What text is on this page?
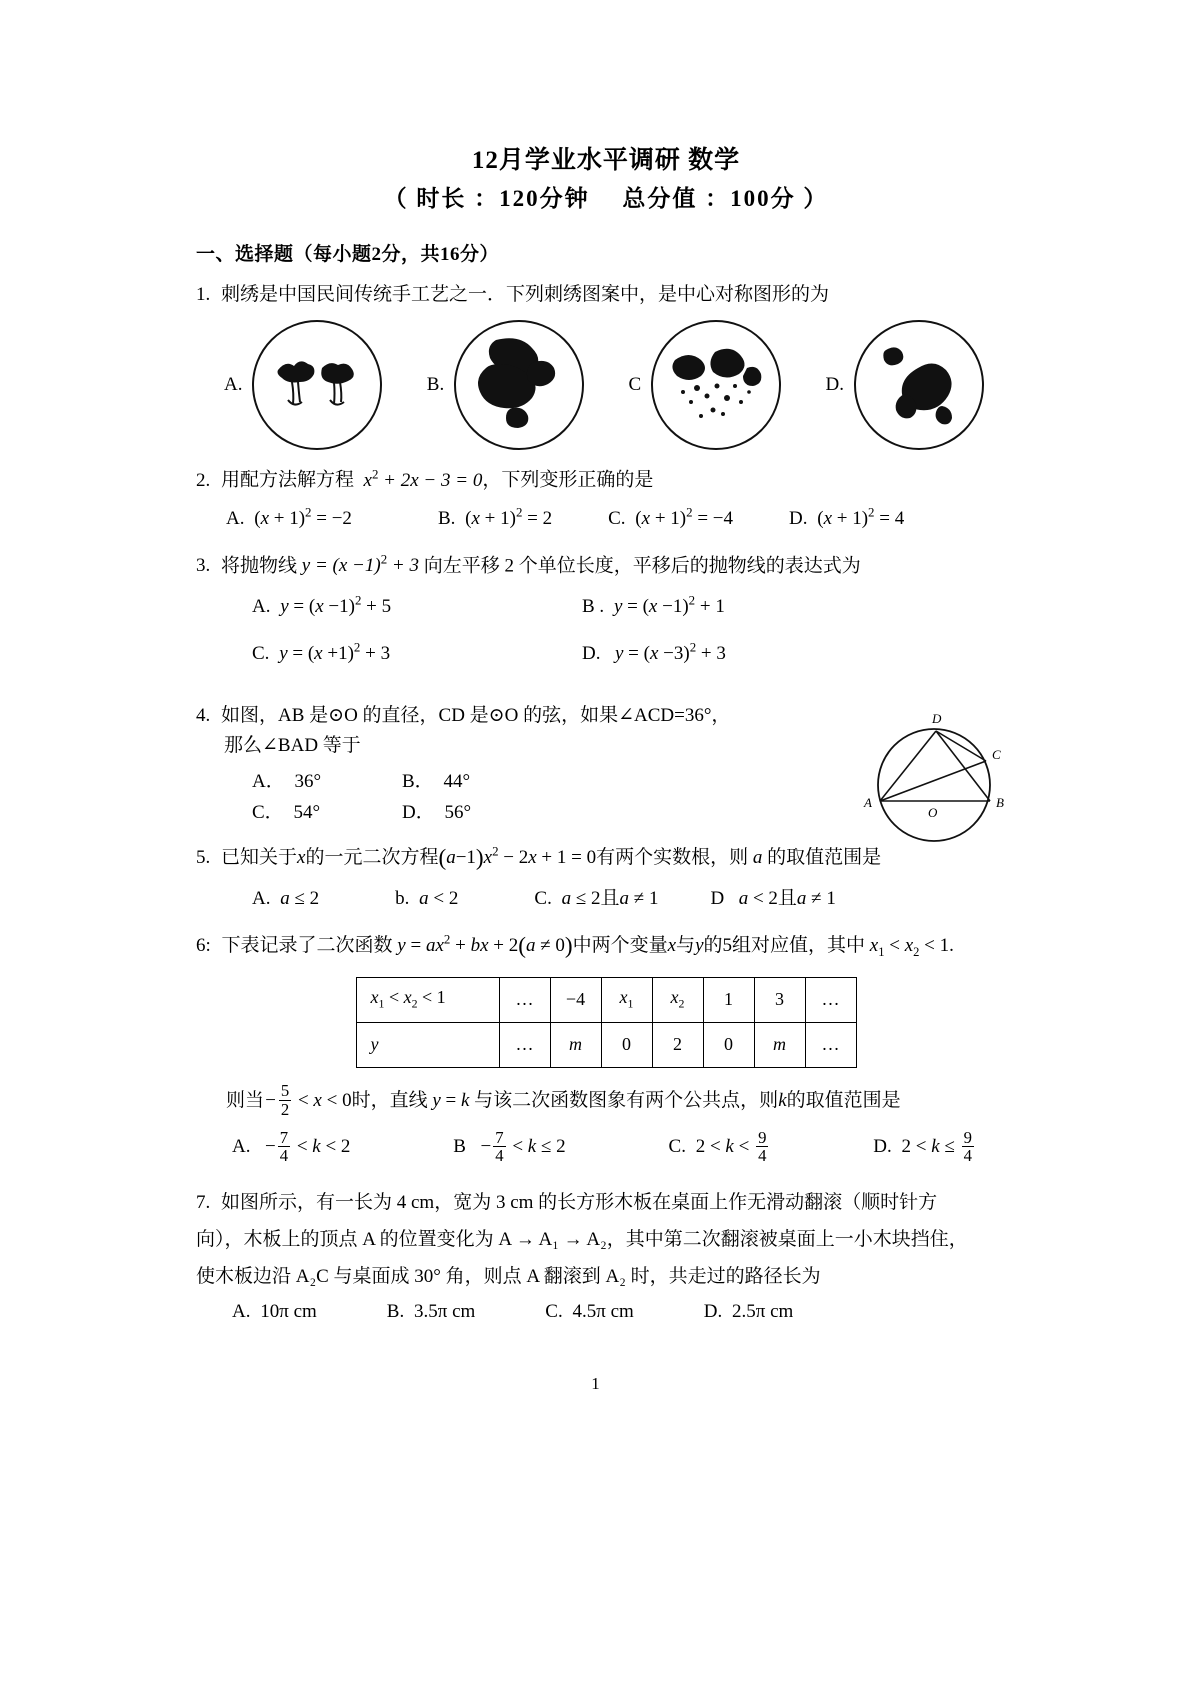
12月学业水平调研 数学
（ 时长 ：120分钟　 总分值 ：100分 ）
一、选择题（每小题2分，共16分）
1. 刺绣是中国民间传统手工艺之一．下列刺绣图案中，是中心对称图形的为
A.	B.	C	D.
2. 用配方法解方程 $x^2 + 2x - 3 = 0$，下列变形正确的是
A. $(x + 1)^2 = -2$	B. $(x + 1)^2 = 2$	C. $(x + 1)^2 = -4$	D. $(x + 1)^2 = 4$
3. 将抛物线 $y = (x -1)^2 + 3$ 向左平移 2 个单位长度，平移后的抛物线的表达式为
A. $y = (x -1)^2 + 5$	B . $y = (x -1)^2 + 1$
C. $y = (x +1)^2 + 3$	D. $y = (x -3)^2 + 3$
4. 如图，AB 是⊙O 的直径，CD 是⊙O 的弦，如果∠ACD=36°，
那么∠BAD 等于
D
C
A	B
O
A． 36°	B． 44°
C． 54°	D． 56°
5. 已知关于x的一元二次方程$(a-1)x^2 - 2x + 1 = 0$有两个实数根，则 a 的取值范围是
A. a ≤ 2	b. a < 2	C. a ≤ 2且a ≠ 1	D a < 2且a ≠ 1
6: 下表记录了二次函数 $y = ax^2$ + bx + 2(a ≠ 0)中两个变量x与y的5组对应值，其中 $x_1 < x_2 < 1$.
$x_1 < x_2 < 1$	…	−4	$x_1$	$x_2$	1	3	…
y	…	m	0	2	0	m	…
则当− $\frac{5}{2} < x < 0$时，直线 y = k 与该二次函数图象有两个公共点，则k的取值范围是
A.  − $\frac{7}{4} < k < 2$	$B - \frac{7}{4} < k \le 2$	C. $2 < k < \frac{9}{4}$	D. $2 < k \le \frac{9}{4}$

7. 如图所示，有一长为 4 cm，宽为 3 cm 的长方形木板在桌面上作无滑动翻滚（顺时针方

向），木板上的顶点 A 的位置变化为 A → A₁ → A₂，其中第二次翻滚被桌面上一小木块挡住，

使木板边沿 A₂C 与桌面成 30° 角，则点 A 翻滚到 A₂ 时，共走过的路径长为

A. 10π cm	B. 3.5π cm	C. 4.5π cm	D. 2.5π cm
1
